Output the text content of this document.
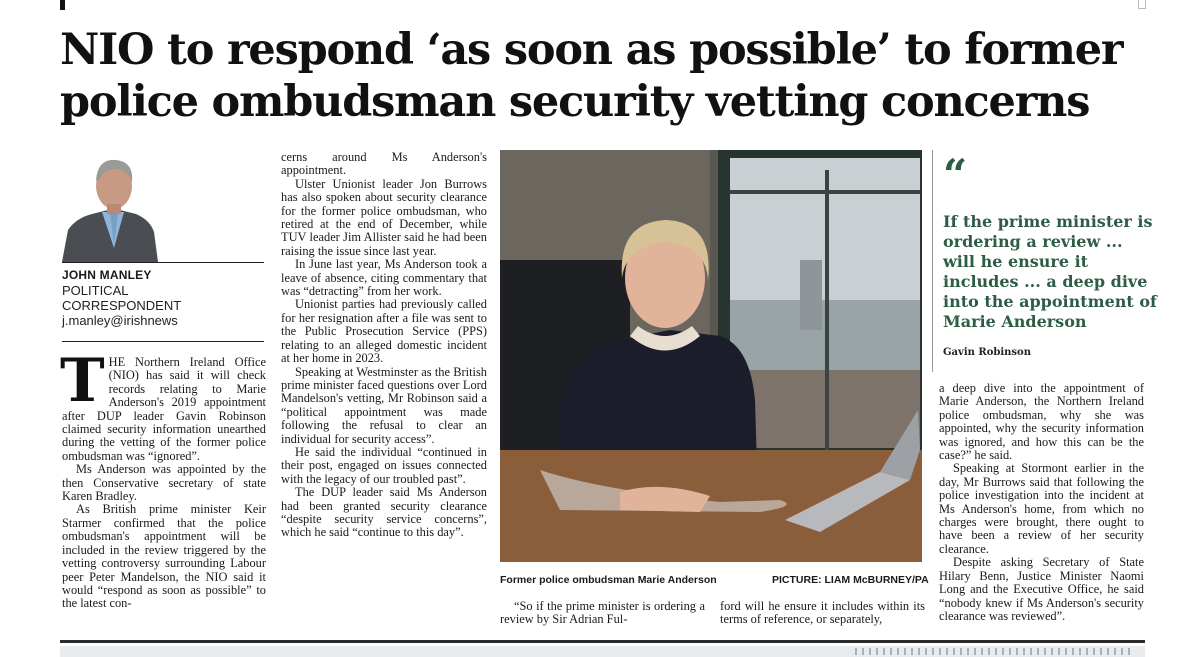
NIO to respond ‘as soon as possible’ to former police ombudsman security vetting concerns
JOHN MANLEY
POLITICAL
CORRESPONDENT
j.manley@irishnews

THE Northern Ireland Office (NIO) has said it will check records relating to Marie Anderson's 2019 appointment after DUP leader Gavin Robinson claimed security information unearthed during the vetting of the former police ombudsman was “ignored”.

Ms Anderson was appointed by the then Conservative secretary of state Karen Bradley.

As British prime minister Keir Starmer confirmed that the police ombudsman's appointment will be included in the review triggered by the vetting controversy surrounding Labour peer Peter Mandelson, the NIO said it would “respond as soon as possible” to the latest con-

cerns around Ms Anderson's appointment.

Ulster Unionist leader Jon Burrows has also spoken about security clearance for the former police ombudsman, who retired at the end of December, while TUV leader Jim Allister said he had been raising the issue since last year.

In June last year, Ms Anderson took a leave of absence, citing commentary that was “detracting” from her work.

Unionist parties had previously called for her resignation after a file was sent to the Public Prosecution Service (PPS) relating to an alleged domestic incident at her home in 2023.

Speaking at Westminster as the British prime minister faced questions over Lord Mandelson's vetting, Mr Robinson said a “political appointment was made following the refusal to clear an individual for security access”.

He said the individual “continued in their post, engaged on issues connected with the legacy of our troubled past”.

The DUP leader said Ms Anderson had been granted security clearance “despite security service concerns”, which he said “continue to this day”.

Former police ombudsman Marie Anderson	PICTURE: LIAM McBURNEY/PA

“So if the prime minister is ordering a review by Sir Adrian Ful-

ford will he ensure it includes within its terms of reference, or separately,

“
If the prime minister is ordering a review ... will he ensure it includes ... a deep dive into the appointment of Marie Anderson
Gavin Robinson

a deep dive into the appointment of Marie Anderson, the Northern Ireland police ombudsman, why she was appointed, why the security information was ignored, and how this can be the case?” he said.

Speaking at Stormont earlier in the day, Mr Burrows said that following the police investigation into the incident at Ms Anderson's home, from which no charges were brought, there ought to have been a review of her security clearance.

Despite asking Secretary of State Hilary Benn, Justice Minister Naomi Long and the Executive Office, he said “nobody knew if Ms Anderson's security clearance was reviewed”.
